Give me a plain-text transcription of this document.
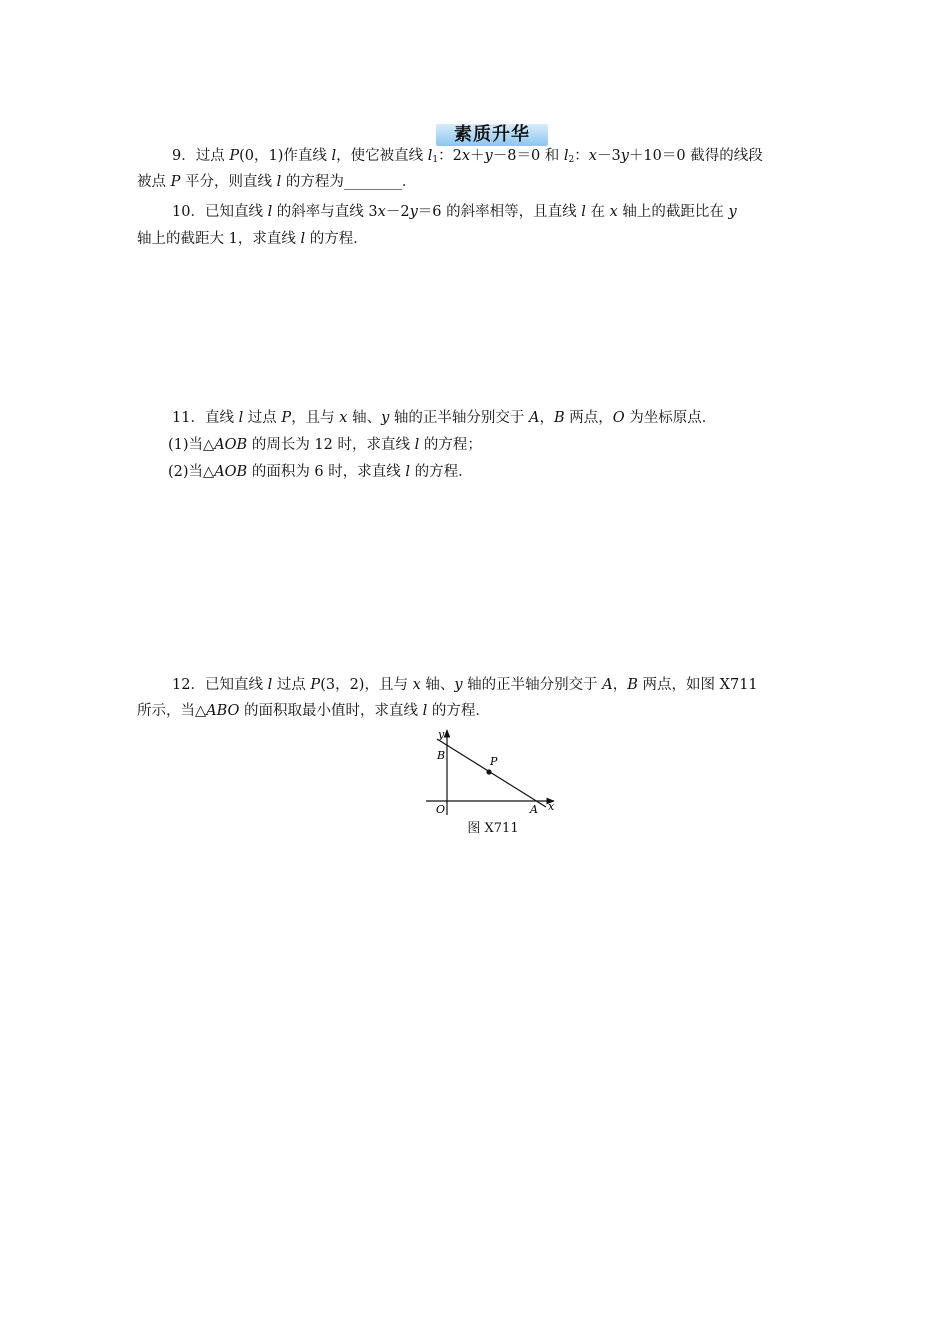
素质升华
9．过点 P(0，1)作直线 l，使它被直线 $l_1$：2x＋y－8＝0 和 $l_2$：x－3y＋10＝0 截得的线段
被点 P 平分，则直线 l 的方程为________．
10．已知直线 l 的斜率与直线 3x－2y＝6 的斜率相等，且直线 l 在 x 轴上的截距比在 y
轴上的截距大 1，求直线 l 的方程．
11．直线 l 过点 P，且与 x 轴、y 轴的正半轴分别交于 A，B 两点，O 为坐标原点．
(1)当△AOB 的周长为 12 时，求直线 l 的方程；
(2)当△AOB 的面积为 6 时，求直线 l 的方程．
12．已知直线 l 过点 P(3，2)，且与 x 轴、y 轴的正半轴分别交于 A，B 两点，如图 X711
所示，当△ABO 的面积取最小值时，求直线 l 的方程．
y
x
B	P
O	A
图 X711
